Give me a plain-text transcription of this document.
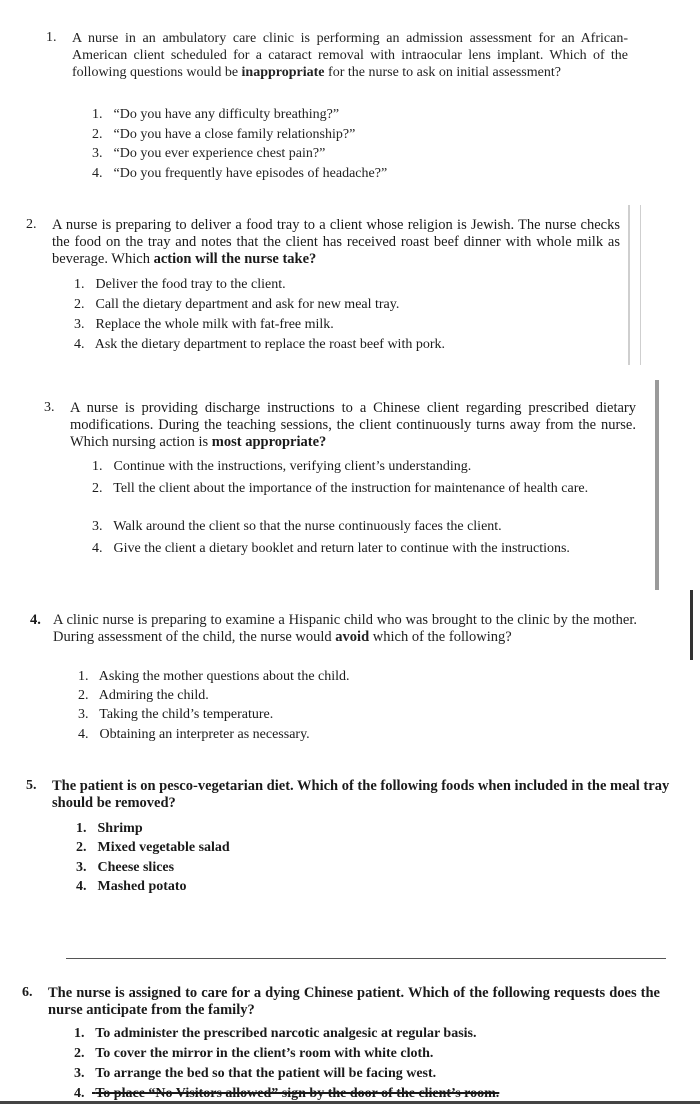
1. A nurse in an ambulatory care clinic is performing an admission assessment for an African-American client scheduled for a cataract removal with intraocular lens implant. Which of the following questions would be inappropriate for the nurse to ask on initial assessment?

1. “Do you have any difficulty breathing?”
2. “Do you have a close family relationship?”
3. “Do you ever experience chest pain?”
4. “Do you frequently have episodes of headache?”
2. A nurse is preparing to deliver a food tray to a client whose religion is Jewish. The nurse checks the food on the tray and notes that the client has received roast beef dinner with whole milk as beverage. Which action will the nurse take?

1. Deliver the food tray to the client.
2. Call the dietary department and ask for new meal tray.
3. Replace the whole milk with fat-free milk.
4. Ask the dietary department to replace the roast beef with pork.
3. A nurse is providing discharge instructions to a Chinese client regarding prescribed dietary modifications. During the teaching sessions, the client continuously turns away from the nurse. Which nursing action is most appropriate?

1. Continue with the instructions, verifying client’s understanding.
2. Tell the client about the importance of the instruction for maintenance of health care.
3. Walk around the client so that the nurse continuously faces the client.
4. Give the client a dietary booklet and return later to continue with the instructions.
4. A clinic nurse is preparing to examine a Hispanic child who was brought to the clinic by the mother. During assessment of the child, the nurse would avoid which of the following?

1. Asking the mother questions about the child.
2. Admiring the child.
3. Taking the child’s temperature.
4. Obtaining an interpreter as necessary.
5. The patient is on pesco-vegetarian diet. Which of the following foods when included in the meal tray should be removed?

1. Shrimp
2. Mixed vegetable salad
3. Cheese slices
4. Mashed potato
6. The nurse is assigned to care for a dying Chinese patient. Which of the following requests does the nurse anticipate from the family?

1. To administer the prescribed narcotic analgesic at regular basis.
2. To cover the mirror in the client’s room with white cloth.
3. To arrange the bed so that the patient will be facing west.
4. To place “No Visitors allowed” sign by the door of the client’s room.
